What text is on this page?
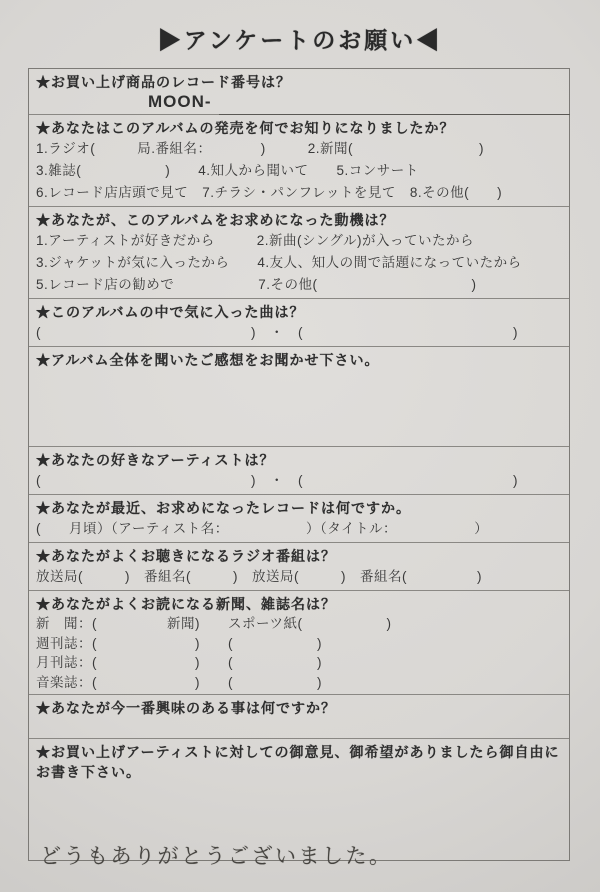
▶アンケートのお願い◀

★お買い上げ商品のレコード番号は？

MOON-

★あなたはこのアルバムの発売を何でお知りになりましたか？

1.ラジオ(　　　局.番組名：　　　　)　　　2.新聞(　　　　　　　　　)

3.雑誌(　　　　　　)　　4.知人から聞いて　　5.コンサート

6.レコード店店頭で見て　7.チラシ・パンフレットを見て　8.その他(　　)

★あなたが、このアルバムをお求めになった動機は？

1.アーティストが好きだから　　　2.新曲(シングル)が入っていたから

3.ジャケットが気に入ったから　　4.友人、知人の間で話題になっていたから

5.レコード店の勧めで　　　　　　7.その他(　　　　　　　　　　　)

★このアルバムの中で気に入った曲は？

(　　　　　　　　　　　　　　　)　・　(　　　　　　　　　　　　　　　)

★アルバム全体を聞いたご感想をお聞かせ下さい。

★あなたの好きなアーティストは？

(　　　　　　　　　　　　　　　)　・　(　　　　　　　　　　　　　　　)

★あなたが最近、お求めになったレコードは何ですか。

(　　月頃）（アーティスト名：　　　　　　）（タイトル：　　　　　　）

★あなたがよくお聴きになるラジオ番組は？

放送局(　　　)　番組名(　　　)　放送局(　　　)　番組名(　　　　　)

★あなたがよくお読になる新聞、雑誌名は？

新　聞：(　　　　　新聞)　　スポーツ紙(　　　　　　)

週刊誌：(　　　　　　　)　　(　　　　　　)

月刊誌：(　　　　　　　)　　(　　　　　　)

音楽誌：(　　　　　　　)　　(　　　　　　)

★あなたが今一番興味のある事は何ですか？

★お買い上げアーティストに対しての御意見、御希望がありましたら御自由にお書き下さい。

どうもありがとうございました。
